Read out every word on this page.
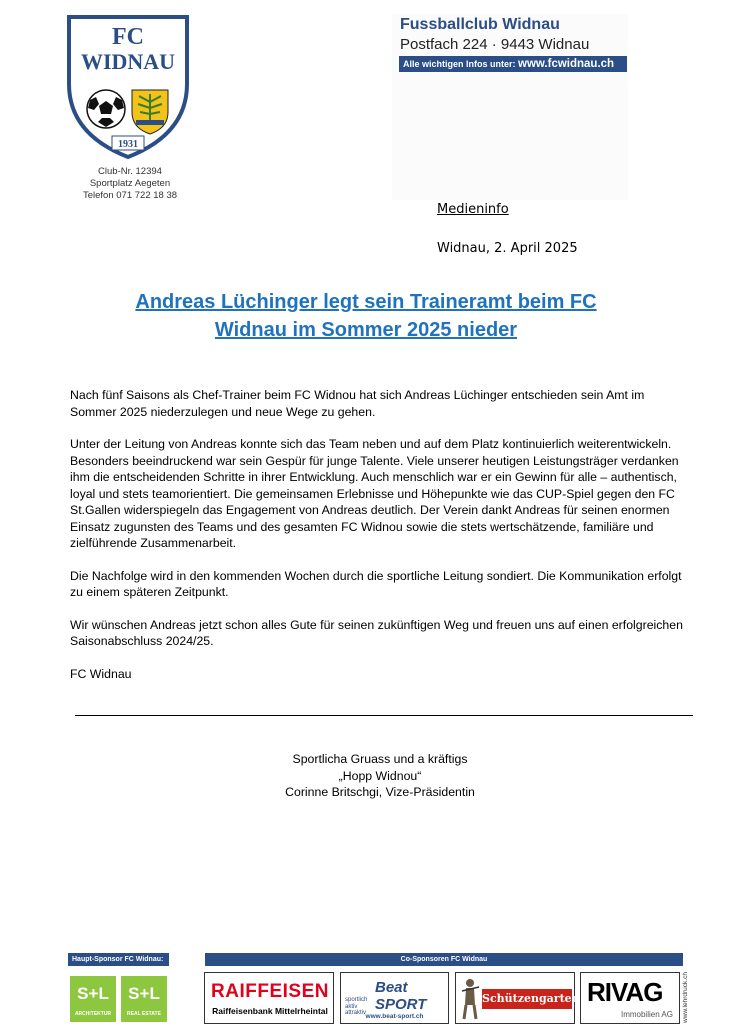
FC
WIDNAU
1931
Club-Nr. 12394
Sportplatz Aegeten
Telefon 071 722 18 38
Fussballclub Widnau
Postfach 224 · 9443 Widnau
Alle wichtigen Infos unter: www.fcwidnau.ch
Medieninfo
Widnau, 2. April 2025
Andreas Lüchinger legt sein Traineramt beim FC
Widnau im Sommer 2025 nieder

Nach fünf Saisons als Chef-Trainer beim FC Widnou hat sich Andreas Lüchinger entschieden sein Amt im Sommer 2025 niederzulegen und neue Wege zu gehen.

Unter der Leitung von Andreas konnte sich das Team neben und auf dem Platz kontinuierlich weiterentwickeln. Besonders beeindruckend war sein Gespür für junge Talente. Viele unserer heutigen Leistungsträger verdanken ihm die entscheidenden Schritte in ihrer Entwicklung. Auch menschlich war er ein Gewinn für alle – authentisch, loyal und stets teamorientiert. Die gemeinsamen Erlebnisse und Höhepunkte wie das CUP-Spiel gegen den FC St.Gallen widerspiegeln das Engagement von Andreas deutlich. Der Verein dankt Andreas für seinen enormen Einsatz zugunsten des Teams und des gesamten FC Widnou sowie die stets wertschätzende, familiäre und zielführende Zusammenarbeit.

Die Nachfolge wird in den kommenden Wochen durch die sportliche Leitung sondiert. Die Kommunikation erfolgt zu einem späteren Zeitpunkt.

Wir wünschen Andreas jetzt schon alles Gute für seinen zukünftigen Weg und freuen uns auf einen erfolgreichen Saisonabschluss 2024/25.

FC Widnau

Sportlicha Gruass und a kräftigs
„Hopp Widnou“
Corinne Britschgi, Vize-Präsidentin
Haupt-Sponsor FC Widnau:	Co-Sponsoren FC Widnau
S+L
ARCHITEKTUR
S+L
REAL ESTATE
RAIFFEISEN
Raiffeisenbank Mittelrheintal
sportlich
aktiv
attraktiv
Beat SPORT
www.beat-sport.ch
Schützengarten RIVAG
Immobilien AG www.lehrdruck.ch
